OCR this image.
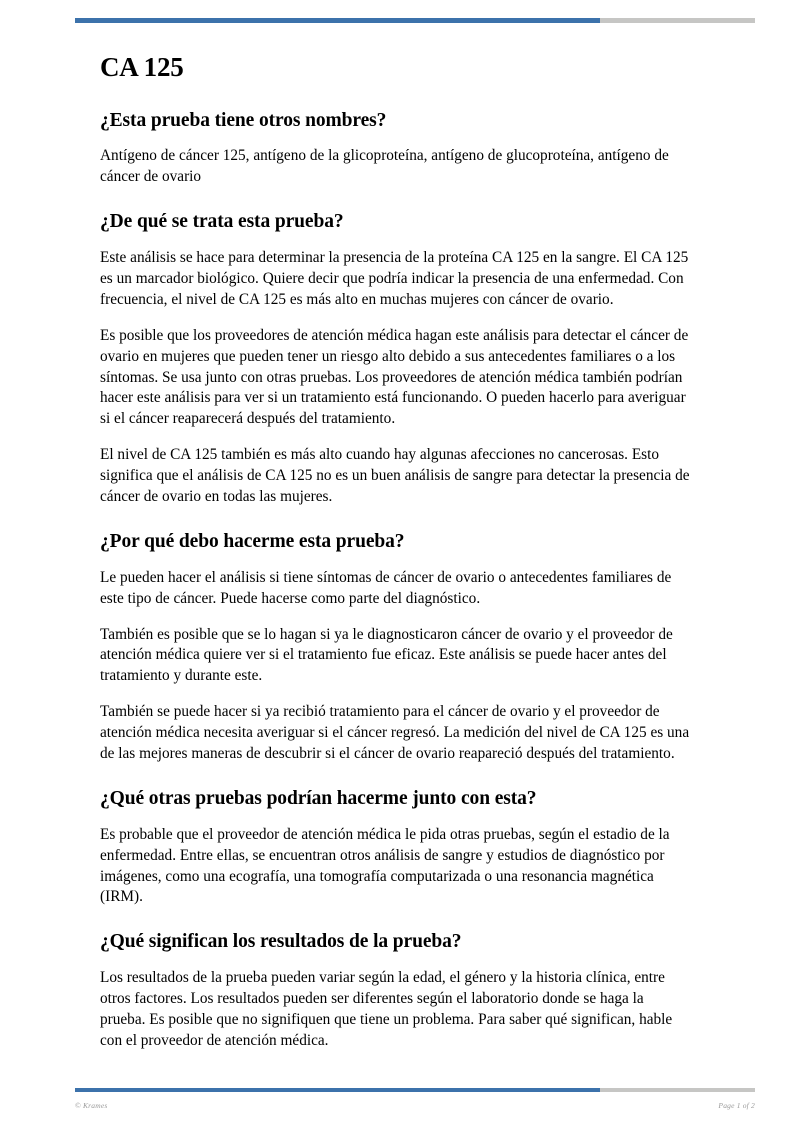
CA 125
¿Esta prueba tiene otros nombres?

Antígeno de cáncer 125, antígeno de la glicoproteína, antígeno de glucoproteína, antígeno de cáncer de ovario

¿De qué se trata esta prueba?

Este análisis se hace para determinar la presencia de la proteína CA 125 en la sangre. El CA 125 es un marcador biológico. Quiere decir que podría indicar la presencia de una enfermedad. Con frecuencia, el nivel de CA 125 es más alto en muchas mujeres con cáncer de ovario.

Es posible que los proveedores de atención médica hagan este análisis para detectar el cáncer de ovario en mujeres que pueden tener un riesgo alto debido a sus antecedentes familiares o a los síntomas. Se usa junto con otras pruebas. Los proveedores de atención médica también podrían hacer este análisis para ver si un tratamiento está funcionando. O pueden hacerlo para averiguar si el cáncer reaparecerá después del tratamiento.

El nivel de CA 125 también es más alto cuando hay algunas afecciones no cancerosas. Esto significa que el análisis de CA 125 no es un buen análisis de sangre para detectar la presencia de cáncer de ovario en todas las mujeres.

¿Por qué debo hacerme esta prueba?

Le pueden hacer el análisis si tiene síntomas de cáncer de ovario o antecedentes familiares de este tipo de cáncer. Puede hacerse como parte del diagnóstico.

También es posible que se lo hagan si ya le diagnosticaron cáncer de ovario y el proveedor de atención médica quiere ver si el tratamiento fue eficaz. Este análisis se puede hacer antes del tratamiento y durante este.

También se puede hacer si ya recibió tratamiento para el cáncer de ovario y el proveedor de atención médica necesita averiguar si el cáncer regresó. La medición del nivel de CA 125 es una de las mejores maneras de descubrir si el cáncer de ovario reapareció después del tratamiento.

¿Qué otras pruebas podrían hacerme junto con esta?

Es probable que el proveedor de atención médica le pida otras pruebas, según el estadio de la enfermedad. Entre ellas, se encuentran otros análisis de sangre y estudios de diagnóstico por imágenes, como una ecografía, una tomografía computarizada o una resonancia magnética (IRM).

¿Qué significan los resultados de la prueba?

Los resultados de la prueba pueden variar según la edad, el género y la historia clínica, entre otros factores. Los resultados pueden ser diferentes según el laboratorio donde se haga la prueba. Es posible que no signifiquen que tiene un problema. Para saber qué significan, hable con el proveedor de atención médica.

© Krames	Page 1 of 2
